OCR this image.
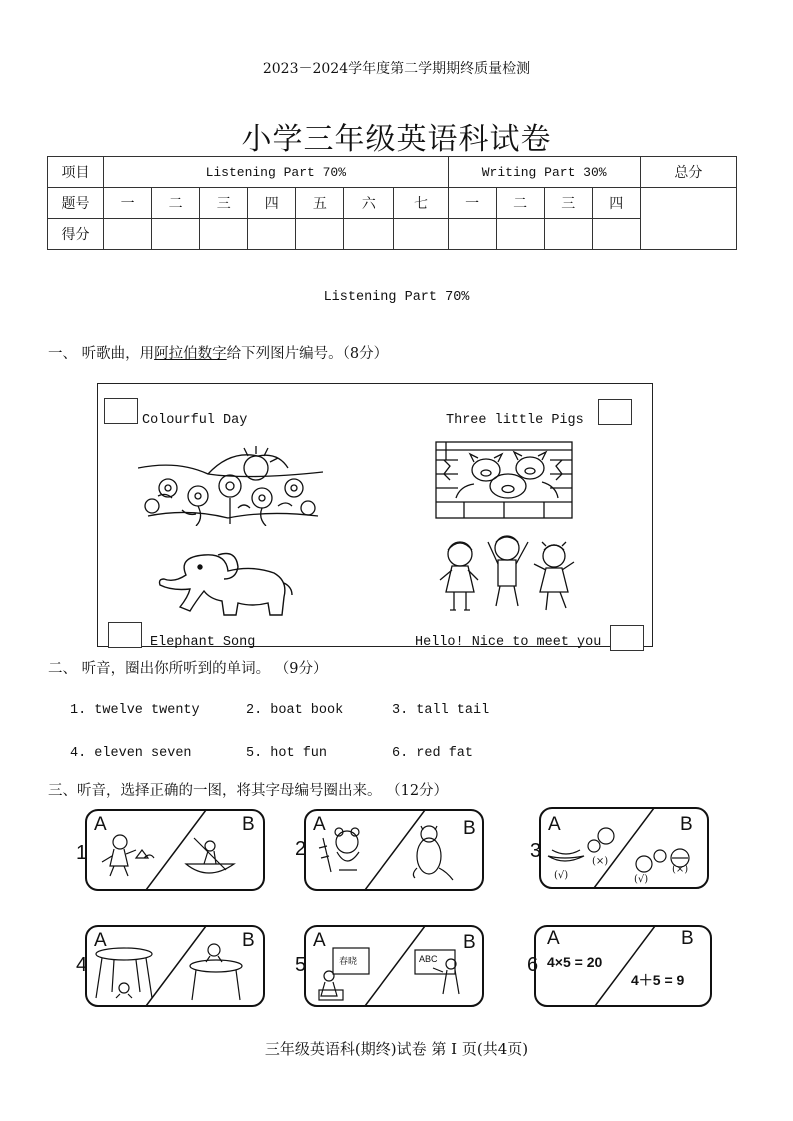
2023－2024学年度第二学期期终质量检测
小学三年级英语科试卷
项目	Listening Part 70%							Writing Part 30%				总分
题号	一	二	三	四	五	六	七	一	二	三	四	
得分												
Listening Part 70%
一、 听歌曲，用阿拉伯数字给下列图片编号。（8分）
Colourful Day	Three little Pigs
Elephant Song	Hello! Nice to meet you
二、 听音，圈出你所听到的单词。 （9分）
1. twelve twenty	2. boat book	3. tall tail
4. eleven seven	5. hot fun	6. red fat
三、听音，选择正确的一图，将其字母编号圈出来。 （12分）
A	B
1
A	B
2
A	B
3
(√)
(×)
(√)
(×)
A	B
4
A	B
5	春晓	ABC
A	B
6 4×5 = 20
4＋5 = 9
三年级英语科(期终)试卷 第 I 页(共4页)
